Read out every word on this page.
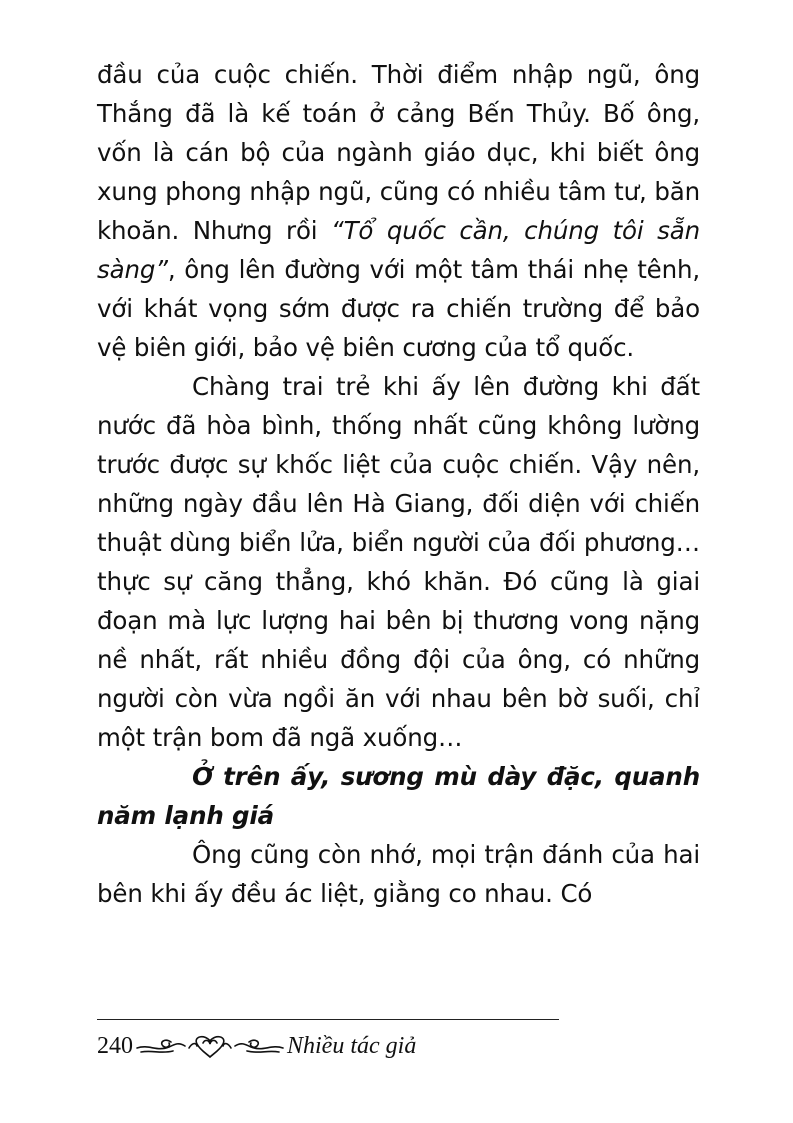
đầu của cuộc chiến. Thời điểm nhập ngũ, ông Thắng đã là kế toán ở cảng Bến Thủy. Bố ông, vốn là cán bộ của ngành giáo dục, khi biết ông xung phong nhập ngũ, cũng có nhiều tâm tư, băn khoăn. Nhưng rồi “Tổ quốc cần, chúng tôi sẵn sàng”, ông lên đường với một tâm thái nhẹ tênh, với khát vọng sớm được ra chiến trường để bảo vệ biên giới, bảo vệ biên cương của tổ quốc.

Chàng trai trẻ khi ấy lên đường khi đất nước đã hòa bình, thống nhất cũng không lường trước được sự khốc liệt của cuộc chiến. Vậy nên, những ngày đầu lên Hà Giang, đối diện với chiến thuật dùng biển lửa, biển người của đối phương… thực sự căng thẳng, khó khăn. Đó cũng là giai đoạn mà lực lượng hai bên bị thương vong nặng nề nhất, rất nhiều đồng đội của ông, có những người còn vừa ngồi ăn với nhau bên bờ suối, chỉ một trận bom đã ngã xuống…

Ở trên ấy, sương mù dày đặc, quanh năm lạnh giá

Ông cũng còn nhớ, mọi trận đánh của hai bên khi ấy đều ác liệt, giằng co nhau. Có

240	Nhiều tác giả
